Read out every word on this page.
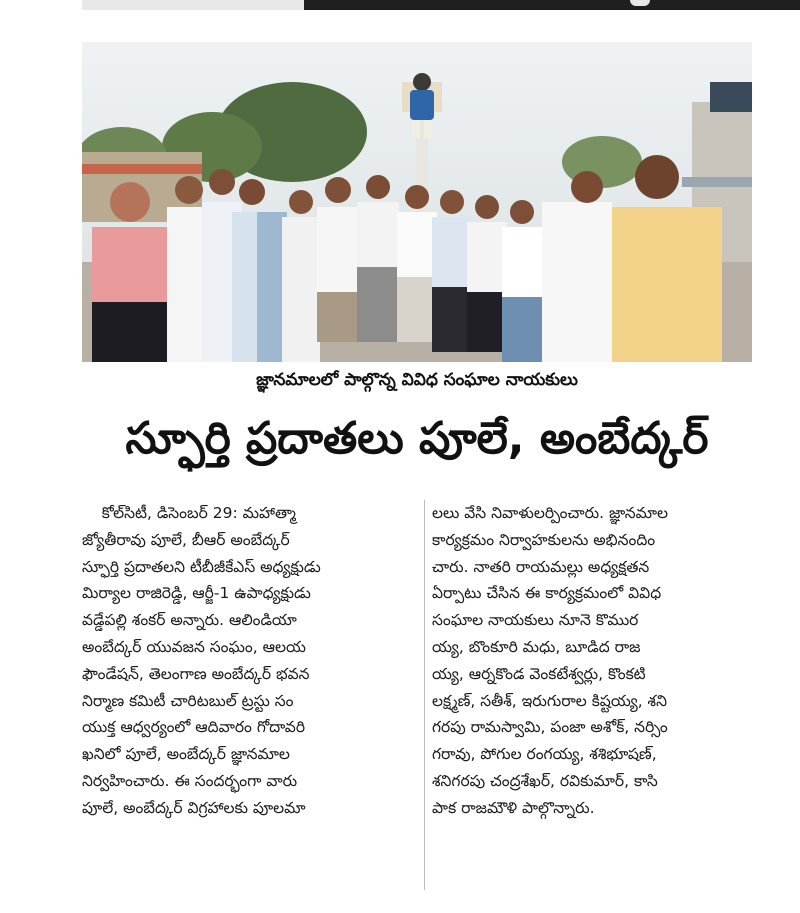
జ్ఞానమాలలో పాల్గొన్న వివిధ సంఘాల నాయకులు
స్ఫూర్తి ప్రదాతలు పూలే, అంబేద్కర్
కోల్‌సిటీ, డిసెంబర్ 29: మహాత్మా
జ్యోతీరావు పూలే, బీఆర్ అంబేద్కర్
స్ఫూర్తి ప్రదాతలని టీబీజీకేఎస్ అధ్యక్షుడు
మిర్యాల రాజిరెడ్డి, ఆర్జీ-1 ఉపాధ్యక్షుడు
వడ్డేపల్లి శంకర్ అన్నారు. ఆలిండియా
అంబేద్కర్ యువజన సంఘం, ఆలయ
ఫౌండేషన్, తెలంగాణ అంబేద్కర్ భవన
నిర్మాణ కమిటీ చారిటబుల్ ట్రస్టు సం
యుక్త ఆధ్వర్యంలో ఆదివారం గోదావరి
ఖనిలో పూలే, అంబేద్కర్ జ్ఞానమాల
నిర్వహించారు. ఈ సందర్భంగా వారు
పూలే, అంబేద్కర్ విగ్రహాలకు పూలమా
లలు వేసి నివాళులర్పించారు. జ్ఞానమాల
కార్యక్రమం నిర్వాహకులను అభినందిం
చారు. నాతరి రాయమల్లు అధ్యక్షతన
ఏర్పాటు చేసిన ఈ కార్యక్రమంలో వివిధ
సంఘాల నాయకులు నూనె కొముర
య్య, బొంకూరి మధు, బూడిద రాజ
య్య, ఆర్నకొండ వెంకటేశ్వర్లు, కొంకటి
లక్ష్మణ్, సతీశ్, ఇరుగురాల కిష్టయ్య, శని
గరపు రామస్వామి, పంజా అశోక్, నర్సిం
గరావు, పోగుల రంగయ్య, శశిభూషణ్,
శనిగరపు చంద్రశేఖర్, రవికుమార్, కాసి
పాక రాజమౌళి పాల్గొన్నారు.
